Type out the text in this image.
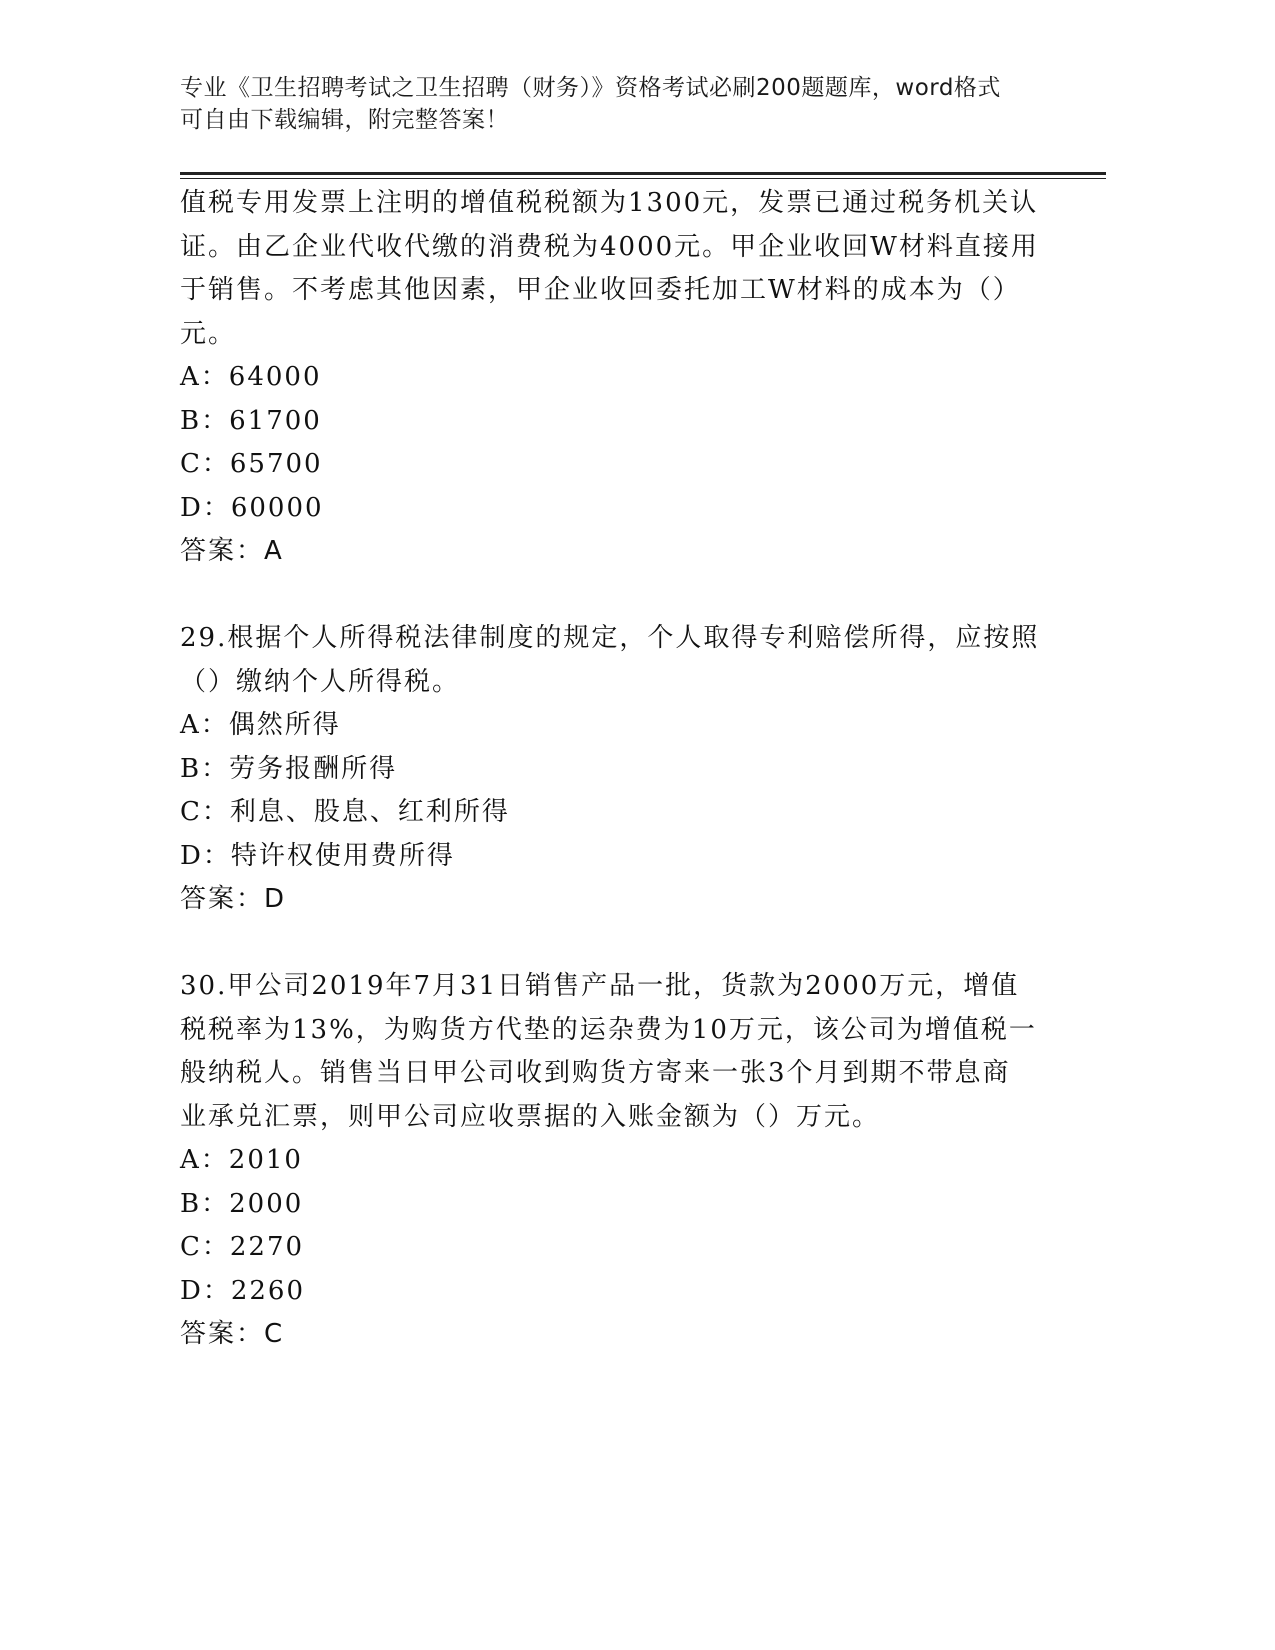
专业《卫生招聘考试之卫生招聘（财务）》资格考试必刷200题题库，word格式
可自由下载编辑，附完整答案！

值税专用发票上注明的增值税税额为1300元，发票已通过税务机关认

证。由乙企业代收代缴的消费税为4000元。甲企业收回W材料直接用

于销售。不考虑其他因素，甲企业收回委托加工W材料的成本为（）

元。

A：64000

B：61700

C：65700

D：60000

答案：A

29.根据个人所得税法律制度的规定，个人取得专利赔偿所得，应按照

（）缴纳个人所得税。

A：偶然所得

B：劳务报酬所得

C：利息、股息、红利所得

D：特许权使用费所得

答案：D

30.甲公司2019年7月31日销售产品一批，货款为2000万元，增值

税税率为13%，为购货方代垫的运杂费为10万元，该公司为增值税一

般纳税人。销售当日甲公司收到购货方寄来一张3个月到期不带息商

业承兑汇票，则甲公司应收票据的入账金额为（）万元。

A：2010

B：2000

C：2270

D：2260

答案：C
